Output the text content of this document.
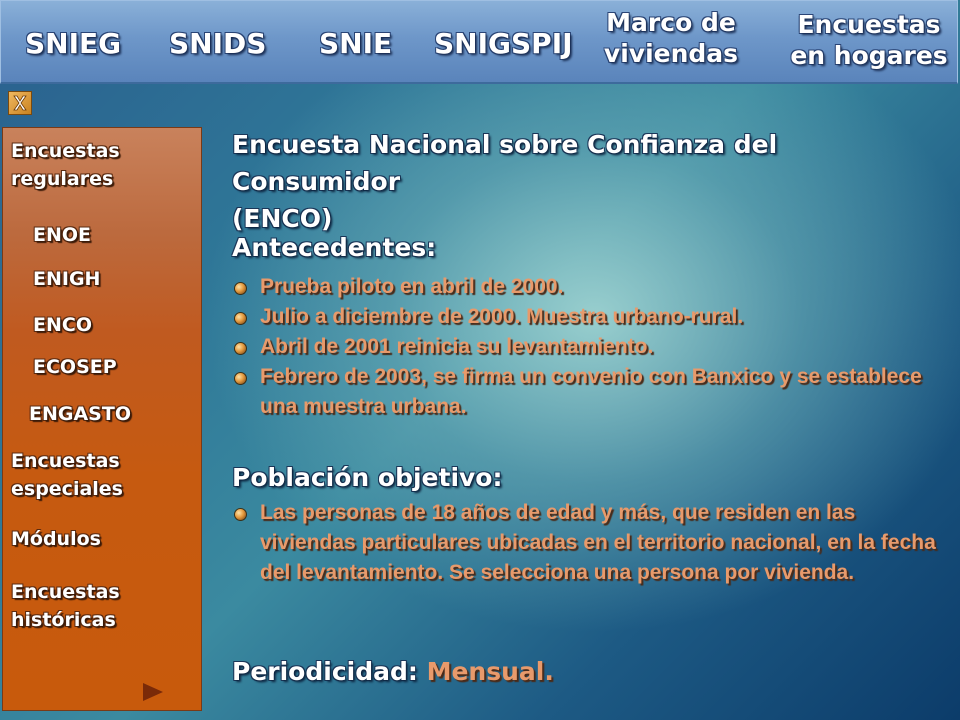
SNIEG SNIDS SNIE SNIGSPIJ
Marco de
viviendas
Encuestas
en hogares
Encuestas
regulares
ENOE
ENIGH
ENCO
ECOSEP
ENGASTO
Encuestas
especiales
Módulos
Encuestas
históricas
Encuesta Nacional sobre Confianza del Consumidor
(ENCO)
Antecedentes:
Prueba piloto en abril de 2000.
Julio a diciembre de 2000. Muestra urbano-rural.
Abril de 2001 reinicia su levantamiento.
Febrero de 2003, se firma un convenio con Banxico y se establece una muestra urbana.
Población objetivo:
Las personas de 18 años de edad y más, que residen en las viviendas particulares ubicadas en el territorio nacional, en la fecha del levantamiento. Se selecciona una persona por vivienda.
Periodicidad: Mensual.
